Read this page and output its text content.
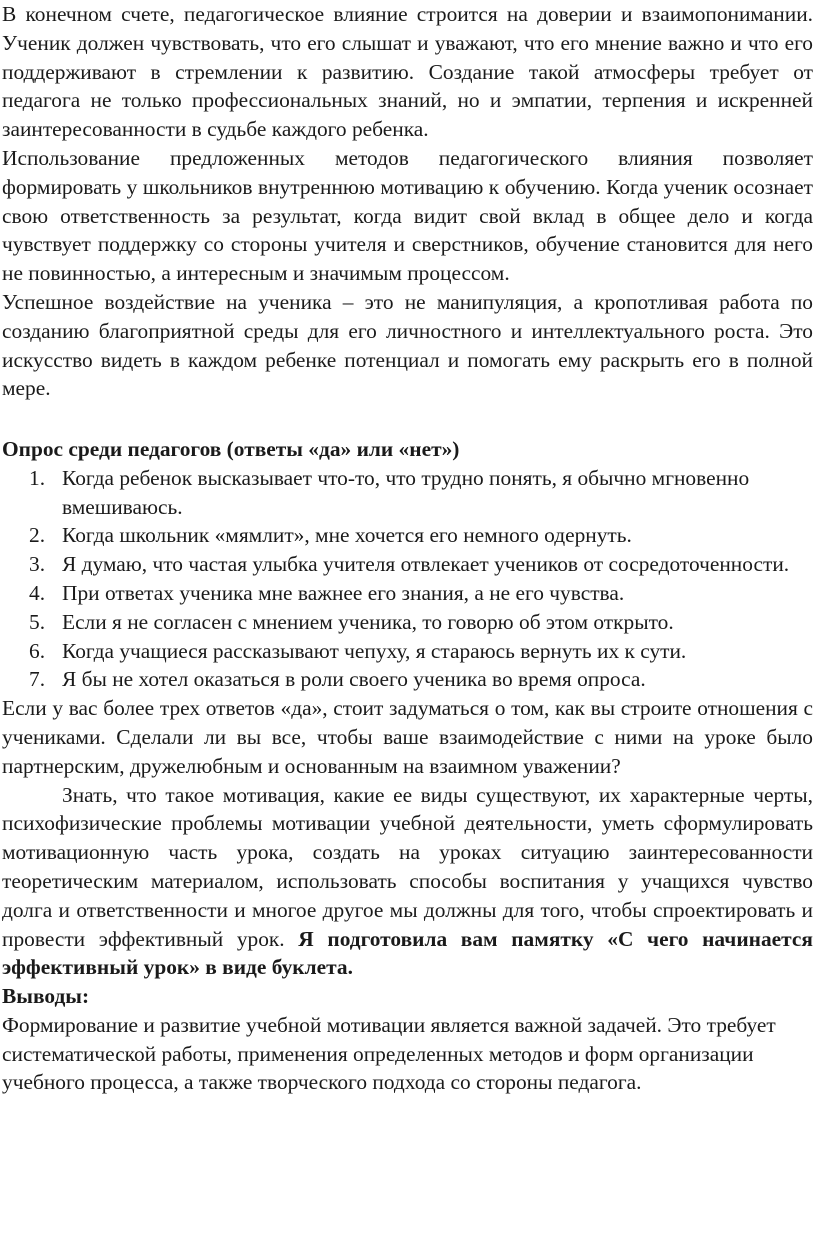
В конечном счете, педагогическое влияние строится на доверии и взаимопонимании. Ученик должен чувствовать, что его слышат и уважают, что его мнение важно и что его поддерживают в стремлении к развитию. Создание такой атмосферы требует от педагога не только профессиональных знаний, но и эмпатии, терпения и искренней заинтересованности в судьбе каждого ребенка.

Использование предложенных методов педагогического влияния позволяет формировать у школьников внутреннюю мотивацию к обучению. Когда ученик осознает свою ответственность за результат, когда видит свой вклад в общее дело и когда чувствует поддержку со стороны учителя и сверстников, обучение становится для него не повинностью, а интересным и значимым процессом.

Успешное воздействие на ученика – это не манипуляция, а кропотливая работа по созданию благоприятной среды для его личностного и интеллектуального роста. Это искусство видеть в каждом ребенке потенциал и помогать ему раскрыть его в полной мере.

Опрос среди педагогов (ответы «да» или «нет»)

1. Когда ребенок высказывает что-то, что трудно понять, я обычно мгновенно вмешиваюсь.
2. Когда школьник «мямлит», мне хочется его немного одернуть.
3. Я думаю, что частая улыбка учителя отвлекает учеников от сосредоточенности.
4. При ответах ученика мне важнее его знания, а не его чувства.
5. Если я не согласен с мнением ученика, то говорю об этом открыто.
6. Когда учащиеся рассказывают чепуху, я стараюсь вернуть их к сути.
7. Я бы не хотел оказаться в роли своего ученика во время опроса.

Если у вас более трех ответов «да», стоит задуматься о том, как вы строите отношения с учениками. Сделали ли вы все, чтобы ваше взаимодействие с ними на уроке было партнерским, дружелюбным и основанным на взаимном уважении?

Знать, что такое мотивация, какие ее виды существуют, их характерные черты, психофизические проблемы мотивации учебной деятельности, уметь сформулировать мотивационную часть урока, создать на уроках ситуацию заинтересованности теоретическим материалом, использовать способы воспитания у учащихся чувство долга и ответственности и многое другое мы должны для того, чтобы спроектировать и провести эффективный урок. Я подготовила вам памятку «С чего начинается эффективный урок» в виде буклета.

Выводы:

Формирование и развитие учебной мотивации является важной задачей. Это требует систематической работы, применения определенных методов и форм организации учебного процесса, а также творческого подхода со стороны педагога.
